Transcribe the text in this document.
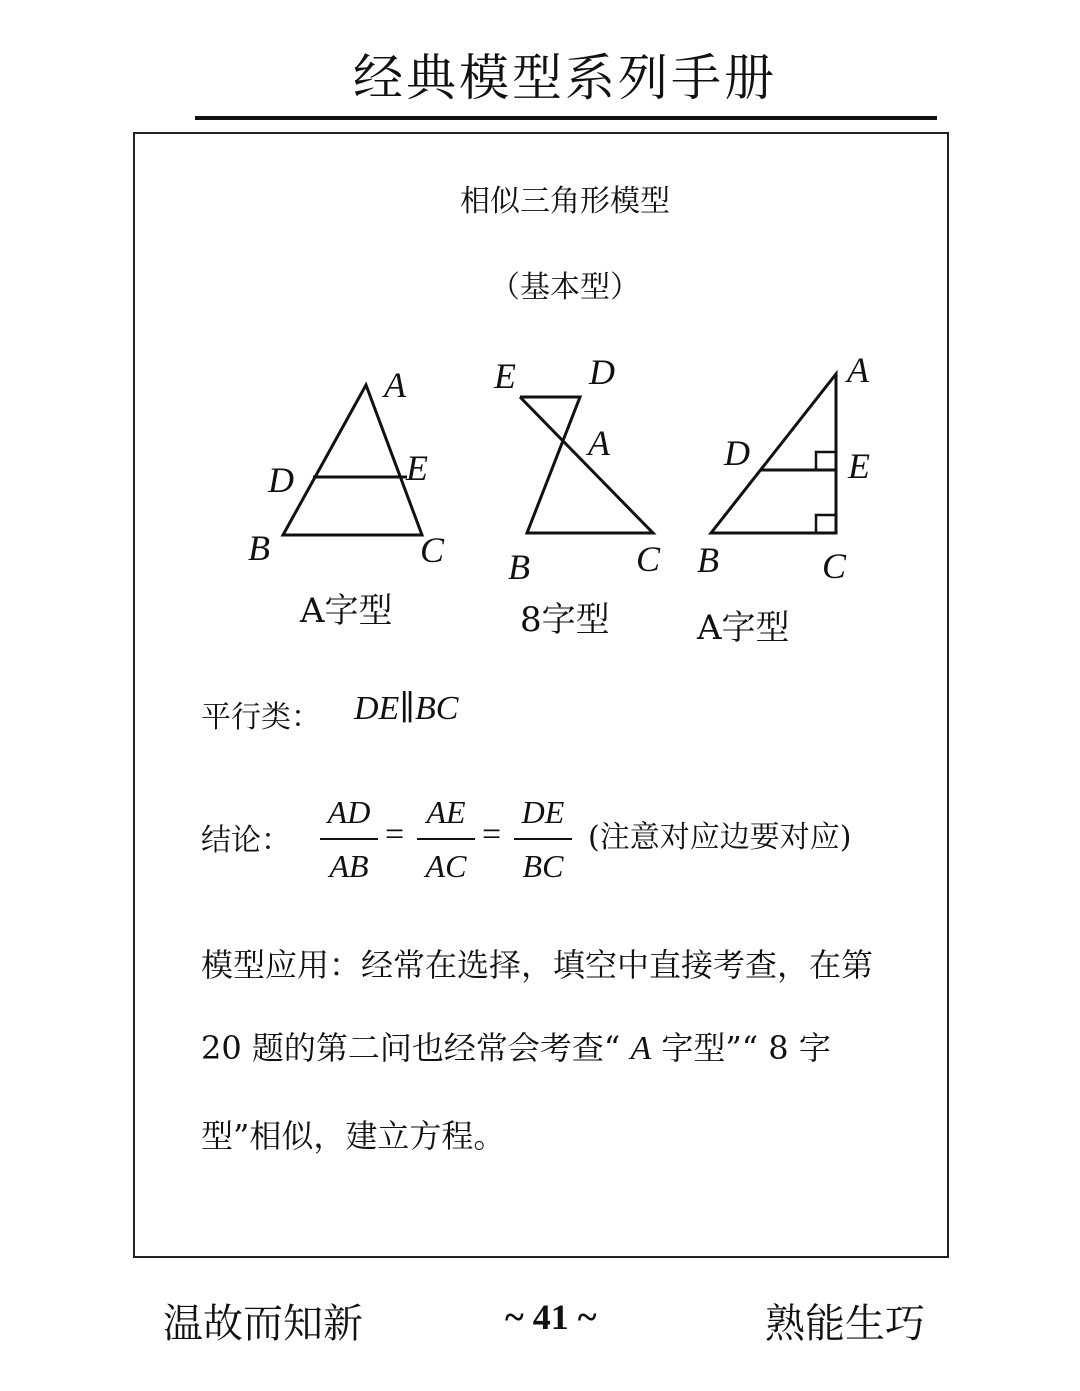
经典模型系列手册
相似三角形模型
（基本型）
A
D	E
B	C
E D
A
B	C
A
D	E
B	C
A字型	8字型	A字型
平行类： DE∥BC
结论：
AD
AB
=
AE
AC
=
DE
BC
(注意对应边要对应)
模型应用：经常在选择，填空中直接考查，在第
20 题的第二问也经常会考查“ A 字型”“ 8 字
型”相似，建立方程。
温故而知新	~ 41 ~	熟能生巧
